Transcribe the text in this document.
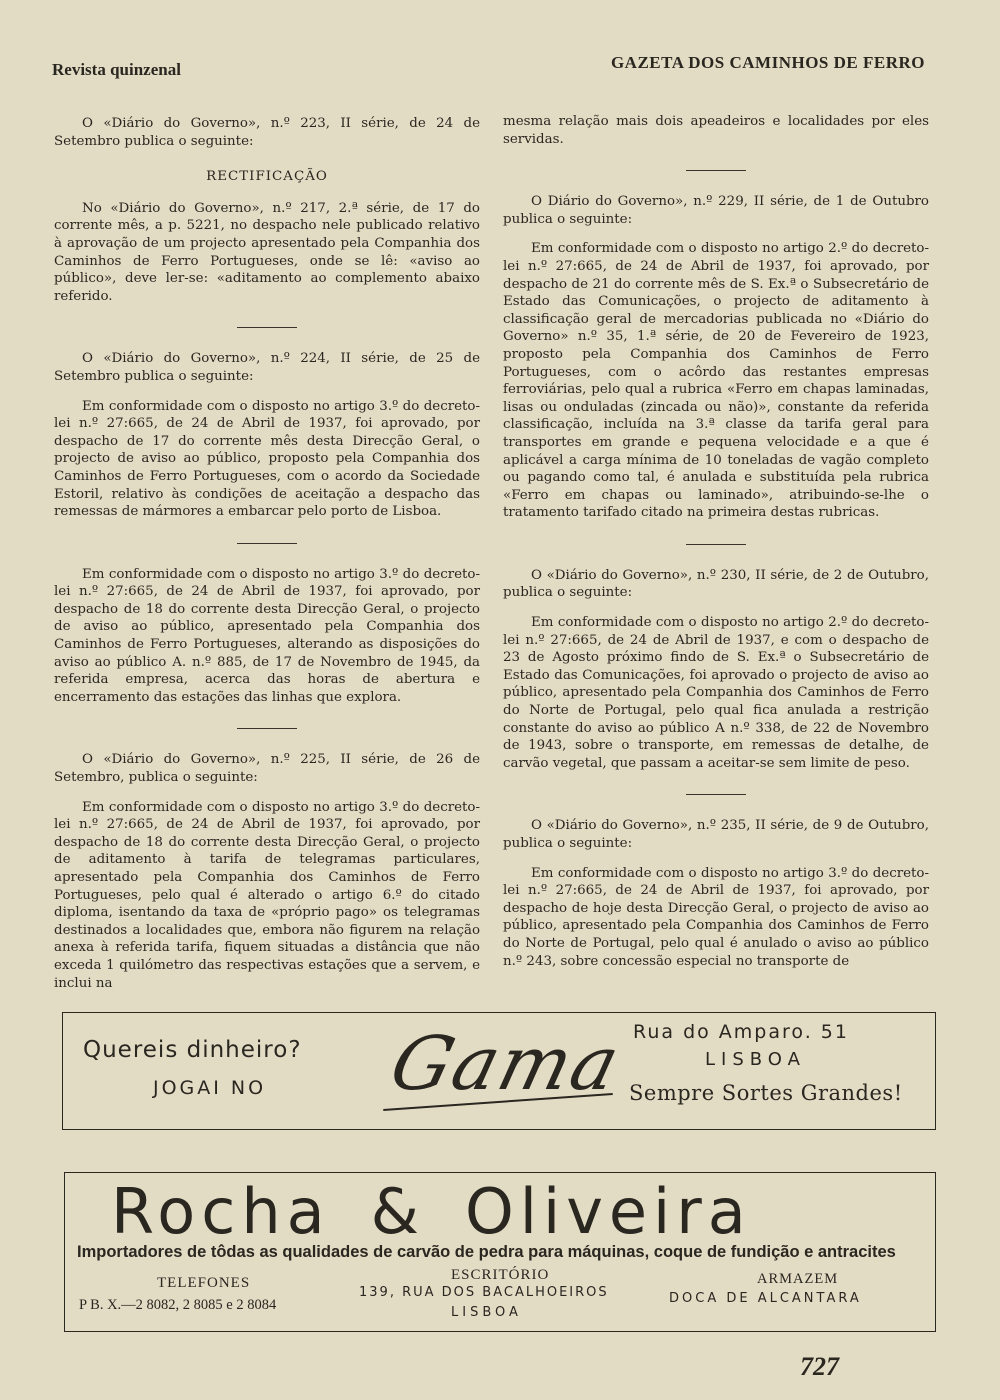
Revista quinzenal	GAZETA DOS CAMINHOS DE FERRO

O «Diário do Governo», n.º 223, II série, de 24 de Setembro publica o seguinte:

RECTIFICAÇÃO

No «Diário do Governo», n.º 217, 2.ª série, de 17 do corrente mês, a p. 5221, no despacho nele publicado relativo à aprovação de um projecto apresentado pela Companhia dos Caminhos de Ferro Portugueses, onde se lê: «aviso ao público», deve ler-se: «aditamento ao complemento abaixo referido.

O «Diário do Governo», n.º 224, II série, de 25 de Setembro publica o seguinte:

Em conformidade com o disposto no artigo 3.º do decreto-lei n.º 27:665, de 24 de Abril de 1937, foi aprovado, por despacho de 17 do corrente mês desta Direcção Geral, o projecto de aviso ao público, proposto pela Companhia dos Caminhos de Ferro Portugueses, com o acordo da Sociedade Estoril, relativo às condições de aceitação a despacho das remessas de mármores a embarcar pelo porto de Lisboa.

Em conformidade com o disposto no artigo 3.º do decreto-lei n.º 27:665, de 24 de Abril de 1937, foi aprovado, por despacho de 18 do corrente desta Direcção Geral, o projecto de aviso ao público, apresentado pela Companhia dos Caminhos de Ferro Portugueses, alterando as disposições do aviso ao público A. n.º 885, de 17 de Novembro de 1945, da referida empresa, acerca das horas de abertura e encerramento das estações das linhas que explora.

O «Diário do Governo», n.º 225, II série, de 26 de Setembro, publica o seguinte:

Em conformidade com o disposto no artigo 3.º do decreto-lei n.º 27:665, de 24 de Abril de 1937, foi aprovado, por despacho de 18 do corrente desta Direcção Geral, o projecto de aditamento à tarifa de telegramas particulares, apresentado pela Companhia dos Caminhos de Ferro Portugueses, pelo qual é alterado o artigo 6.º do citado diploma, isentando da taxa de «próprio pago» os telegramas destinados a localidades que, embora não figurem na relação anexa à referida tarifa, fiquem situadas a distância que não exceda 1 quilómetro das respectivas estações que a servem, e inclui na

mesma relação mais dois apeadeiros e localidades por eles servidas.

O Diário do Governo», n.º 229, II série, de 1 de Outubro publica o seguinte:

Em conformidade com o disposto no artigo 2.º do decreto-lei n.º 27:665, de 24 de Abril de 1937, foi aprovado, por despacho de 21 do corrente mês de S. Ex.ª o Subsecretário de Estado das Comunicações, o projecto de aditamento à classificação geral de mercadorias publicada no «Diário do Governo» n.º 35, 1.ª série, de 20 de Fevereiro de 1923, proposto pela Companhia dos Caminhos de Ferro Portugueses, com o acôrdo das restantes empresas ferroviárias, pelo qual a rubrica «Ferro em chapas laminadas, lisas ou onduladas (zincada ou não)», constante da referida classificação, incluída na 3.ª classe da tarifa geral para transportes em grande e pequena velocidade e a que é aplicável a carga mínima de 10 toneladas de vagão completo ou pagando como tal, é anulada e substituída pela rubrica «Ferro em chapas ou laminado», atribuindo-se-lhe o tratamento tarifado citado na primeira destas rubricas.

O «Diário do Governo», n.º 230, II série, de 2 de Outubro, publica o seguinte:

Em conformidade com o disposto no artigo 2.º do decreto-lei n.º 27:665, de 24 de Abril de 1937, e com o despacho de 23 de Agosto próximo findo de S. Ex.ª o Subsecretário de Estado das Comunicações, foi aprovado o projecto de aviso ao público, apresentado pela Companhia dos Caminhos de Ferro do Norte de Portugal, pelo qual fica anulada a restrição constante do aviso ao público A n.º 338, de 22 de Novembro de 1943, sobre o transporte, em remessas de detalhe, de carvão vegetal, que passam a aceitar-se sem limite de peso.

O «Diário do Governo», n.º 235, II série, de 9 de Outubro, publica o seguinte:

Em conformidade com o disposto no artigo 3.º do decreto-lei n.º 27:665, de 24 de Abril de 1937, foi aprovado, por despacho de hoje desta Direcção Geral, o projecto de aviso ao público, apresentado pela Companhia dos Caminhos de Ferro do Norte de Portugal, pelo qual é anulado o aviso ao público n.º 243, sobre concessão especial no transporte de

Quereis dinheiro?
JOGAI NO Gama Rua do Amparo. 51
LISBOA
Sempre Sortes Grandes!
Rocha & Oliveira
Importadores de tôdas as qualidades de carvão de pedra para máquinas, coque de fundição e antracites
TELEFONES
P B. X.—2 8082, 2 8085 e 2 8084
ESCRITÓRIO
139, RUA DOS BACALHOEIROS
LISBOA
ARMAZEM
DOCA DE ALCANTARA
727
